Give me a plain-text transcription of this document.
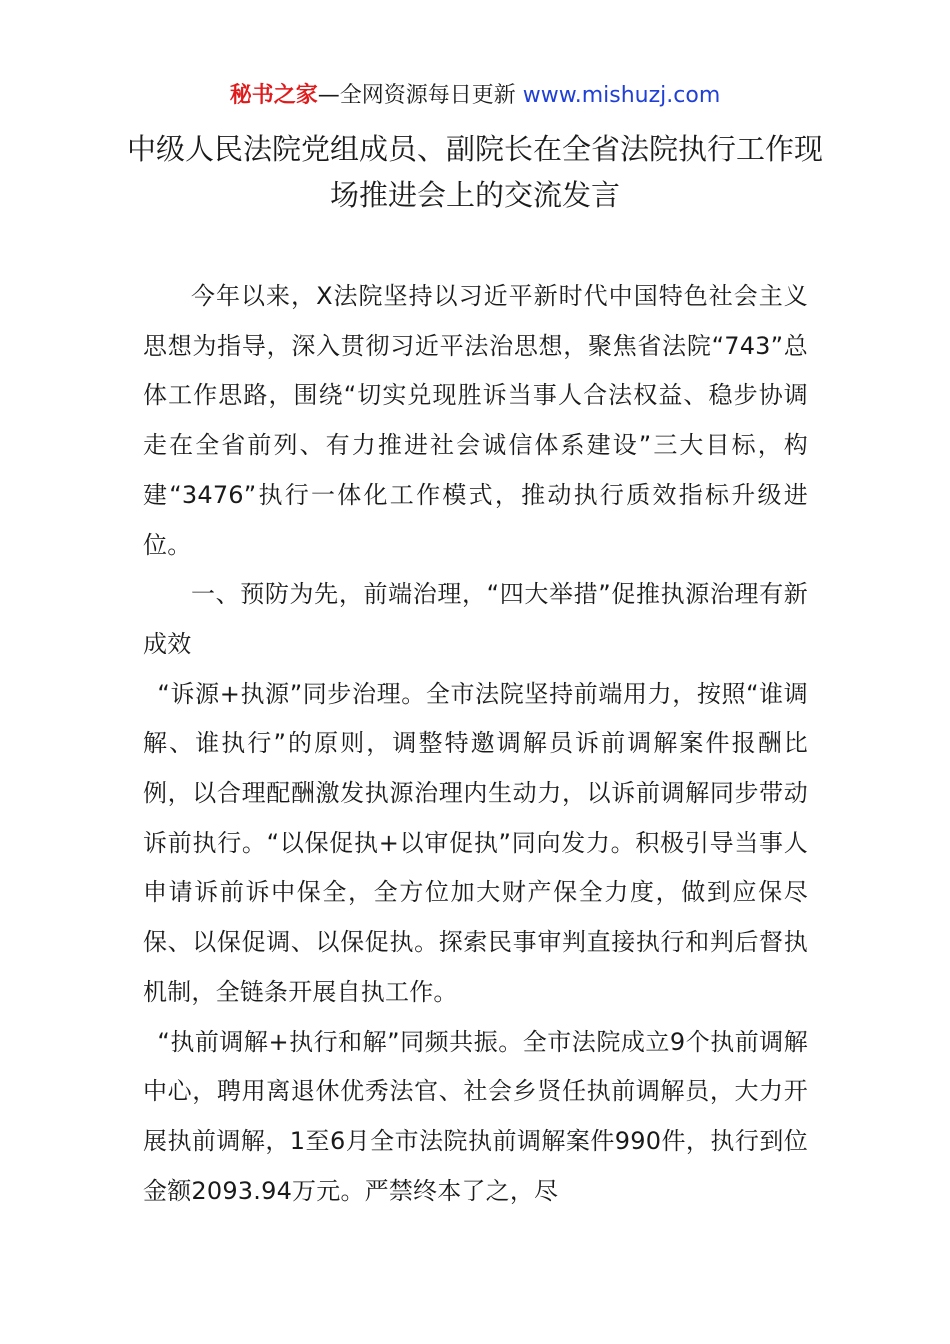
秘书之家—全网资源每日更新 www.mishuzj.com
中级人民法院党组成员、副院长在全省法院执行工作现场推进会上的交流发言

今年以来，X法院坚持以习近平新时代中国特色社会主义思想为指导，深入贯彻习近平法治思想，聚焦省法院“743”总体工作思路，围绕“切实兑现胜诉当事人合法权益、稳步协调走在全省前列、有力推进社会诚信体系建设”三大目标，构建“3476”执行一体化工作模式，推动执行质效指标升级进位。

一、预防为先，前端治理，“四大举措”促推执源治理有新成效

“诉源+执源”同步治理。全市法院坚持前端用力，按照“谁调解、谁执行”的原则，调整特邀调解员诉前调解案件报酬比例，以合理配酬激发执源治理内生动力，以诉前调解同步带动诉前执行。“以保促执+以审促执”同向发力。积极引导当事人申请诉前诉中保全，全方位加大财产保全力度，做到应保尽保、以保促调、以保促执。探索民事审判直接执行和判后督执机制，全链条开展自执工作。

“执前调解+执行和解”同频共振。全市法院成立9个执前调解中心，聘用离退休优秀法官、社会乡贤任执前调解员，大力开展执前调解，1至6月全市法院执前调解案件990件，执行到位金额2093.94万元。严禁终本了之，尽
